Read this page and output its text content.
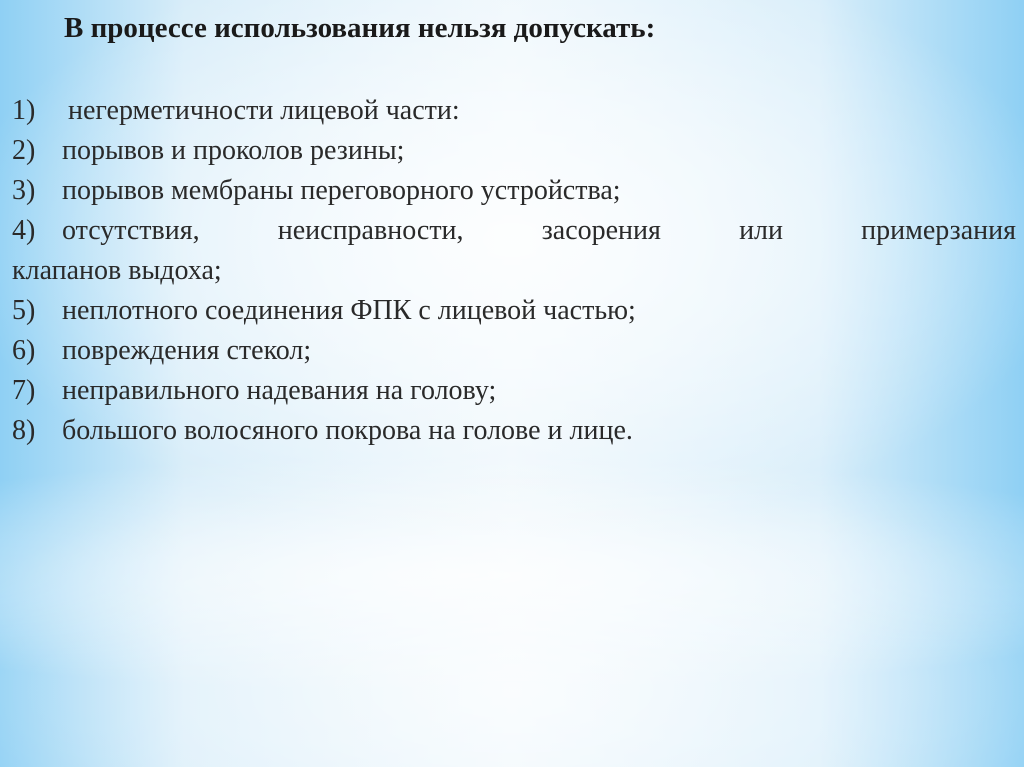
В процессе использования нельзя допускать:
1)	негерметичности лицевой части:
2) порывов и проколов резины;
3) порывов мембраны переговорного устройства;
4) отсутствия,	неисправности,	засорения	или	примерзания
клапанов выдоха;
5) неплотного соединения ФПК с лицевой частью;
6) повреждения стекол;
7) неправильного надевания на голову;
8) большого волосяного покрова на голове и лице.
